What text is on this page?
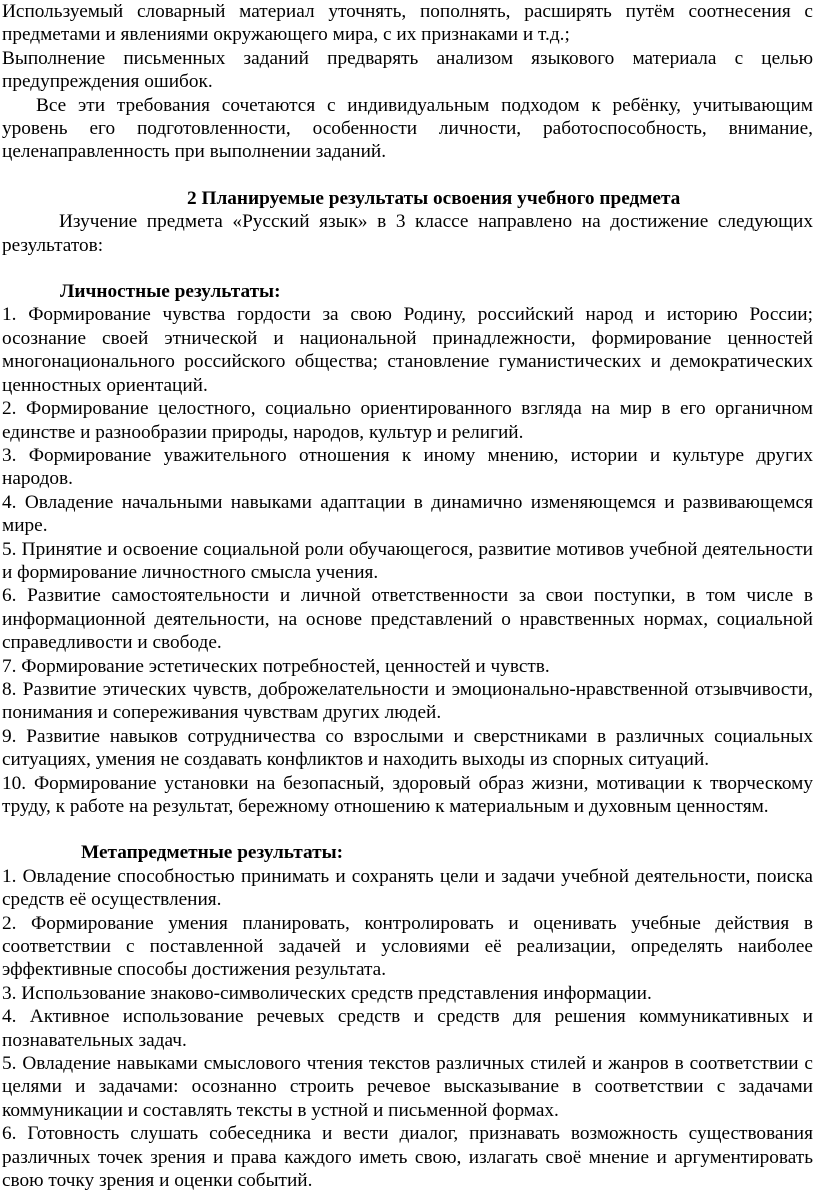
Используемый словарный материал уточнять, пополнять, расширять путём соотнесения с предметами и явлениями окружающего мира, с их признаками и т.д.;

Выполнение письменных заданий предварять анализом языкового материала с целью предупреждения ошибок.

Все эти требования сочетаются с индивидуальным подходом к ребёнку, учитывающим уровень его подготовленности, особенности личности, работоспособность, внимание, целенаправленность при выполнении заданий.

2 Планируемые результаты освоения учебного предмета

Изучение предмета «Русский язык» в 3 классе направлено на достижение следующих результатов:

Личностные результаты:

1. Формирование чувства гордости за свою Родину, российский народ и историю России; осознание своей этнической и национальной принадлежности, формирование ценностей многонационального российского общества; становление гуманистических и демократических ценностных ориентаций.

2. Формирование целостного, социально ориентированного взгляда на мир в его органичном единстве и разнообразии природы, народов, культур и религий.

3. Формирование уважительного отношения к иному мнению, истории и культуре других народов.

4. Овладение начальными навыками адаптации в динамично изменяющемся и развивающемся мире.

5. Принятие и освоение социальной роли обучающегося, развитие мотивов учебной деятельности и формирование личностного смысла учения.

6. Развитие самостоятельности и личной ответственности за свои поступки, в том числе в информационной деятельности, на основе представлений о нравственных нормах, социальной справедливости и свободе.

7. Формирование эстетических потребностей, ценностей и чувств.

8. Развитие этических чувств, доброжелательности и эмоционально-нравственной отзывчивости, понимания и сопереживания чувствам других людей.

9. Развитие навыков сотрудничества со взрослыми и сверстниками в различных социальных ситуациях, умения не создавать конфликтов и находить выходы из спорных ситуаций.

10. Формирование установки на безопасный, здоровый образ жизни, мотивации к творческому труду, к работе на результат, бережному отношению к материальным и духовным ценностям.

Метапредметные результаты:

1. Овладение способностью принимать и сохранять цели и задачи учебной деятельности, поиска средств её осуществления.

2. Формирование умения планировать, контролировать и оценивать учебные действия в соответствии с поставленной задачей и условиями её реализации, определять наиболее эффективные способы достижения результата.

3. Использование знаково-символических средств представления информации.

4. Активное использование речевых средств и средств для решения коммуникативных и познавательных задач.

5. Овладение навыками смыслового чтения текстов различных стилей и жанров в соответствии с целями и задачами: осознанно строить речевое высказывание в соответствии с задачами коммуникации и составлять тексты в устной и письменной формах.

6. Готовность слушать собеседника и вести диалог, признавать возможность существования различных точек зрения и права каждого иметь свою, излагать своё мнение и аргументировать свою точку зрения и оценки событий.
